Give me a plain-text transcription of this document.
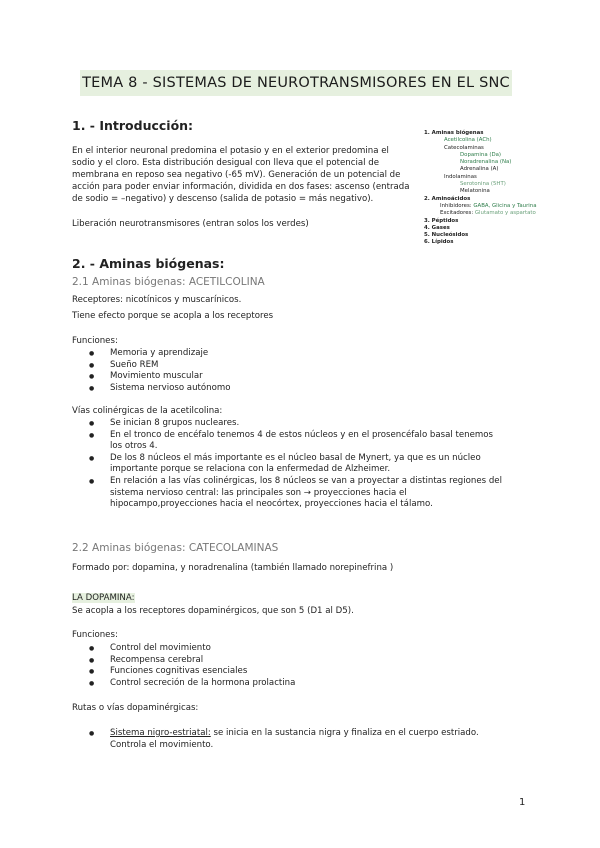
TEMA 8 - SISTEMAS DE NEUROTRANSMISORES EN EL SNC
1. - Introducción:
En el interior neuronal predomina el potasio y en el exterior predomina el sodio y el cloro. Esta distribución desigual con lleva que el potencial de membrana en reposo sea negativo (-65 mV). Generación de un potencial de acción para poder enviar información, dividida en dos fases: ascenso (entrada de sodio = –negativo) y descenso (salida de potasio = más negativo).
Liberación neurotransmisores (entran solos los verdes)
1. Aminas biógenas
Acetilcolina (ACh)
Catecolaminas
Dopamina (Da)
Noradrenalina (Na)
Adrenalina (A)
Indolaminas
Serotonina (5HT)
Melatonina
2. Aminoácidos
Inhibidores: GABA, Glicina y Taurina
Excitadores: Glutamato y aspartato
3. Péptidos
4. Gases
5. Nucleósidos
6. Lípidos
2. - Aminas biógenas:
2.1 Aminas biógenas: ACETILCOLINA
Receptores: nicotínicos y muscarínicos.
Tiene efecto porque se acopla a los receptores
Funciones:
● Memoria y aprendizaje
● Sueño REM
● Movimiento muscular
● Sistema nervioso autónomo
Vías colinérgicas de la acetilcolina:
● Se inician 8 grupos nucleares.
● En el tronco de encéfalo tenemos 4 de estos núcleos y en el prosencéfalo basal tenemos los otros 4.
● De los 8 núcleos el más importante es el núcleo basal de Mynert, ya que es un núcleo importante porque se relaciona con la enfermedad de Alzheimer.
● En relación a las vías colinérgicas, los 8 núcleos se van a proyectar a distintas regiones del sistema nervioso central: las principales son → proyecciones hacia el hipocampo,proyecciones hacia el neocórtex, proyecciones hacia el tálamo.
2.2 Aminas biógenas: CATECOLAMINAS
Formado por: dopamina, y noradrenalina (también llamado norepinefrina )
LA DOPAMINA:
Se acopla a los receptores dopaminérgicos, que son 5 (D1 al D5).
Funciones:
● Control del movimiento
● Recompensa cerebral
● Funciones cognitivas esenciales
● Control secreción de la hormona prolactina
Rutas o vías dopaminérgicas:
● Sistema nigro-estriatal: se inicia en la sustancia nigra y finaliza en el cuerpo estriado. Controla el movimiento.
1
